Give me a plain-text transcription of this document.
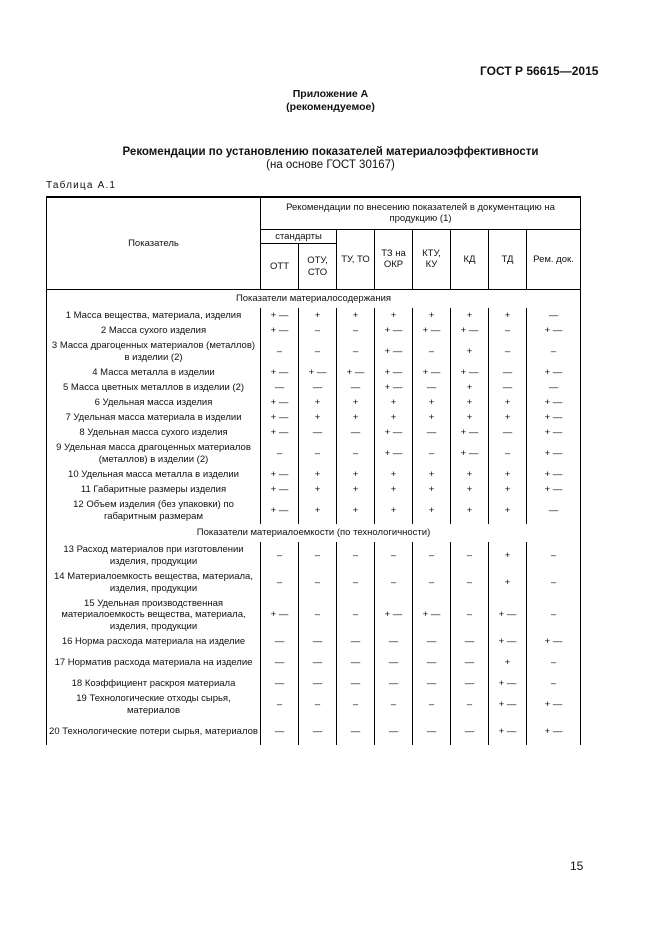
ГОСТ Р 56615—2015
Приложение А
(рекомендуемое)
Рекомендации по установлению показателей материалоэффективности
(на основе ГОСТ 30167)
Таблица А.1
Показатель	Рекомендации по внесению показателей в документацию на продукцию (1)							
	стандарты		ТУ, ТО	ТЗ на ОКР	КТУ, КУ	КД	ТД	Рем. док.
	ОТТ	ОТУ, СТО						
Показатели материалосодержания								
1 Масса вещества, материала, изделия	+ —	+	+	+	+	+	+	—
2 Масса сухого изделия	+ —	–	–	+ —	+ —	+ —	–	+ —
3 Масса драгоценных материалов (металлов) в изделии (2)	–	–	–	+ —	–	+	–	–
4 Масса металла в изделии	+ —	+ —	+ —	+ —	+ —	+ —	—	+ —
5 Масса цветных металлов в изделии (2)	—	—	—	+ —	—	+	—	—
6 Удельная масса изделия	+ —	+	+	+	+	+	+	+ —
7 Удельная масса материала в изделии	+ —	+	+	+	+	+	+	+ —
8 Удельная масса сухого изделия	+ —	—	—	+ —	—	+ —	—	+ —
9 Удельная масса драгоценных материалов (металлов) в изделии (2)	–	–	–	+ —	–	+ —	–	+ —
10 Удельная масса металла в изделии	+ —	+	+	+	+	+	+	+ —
11 Габаритные размеры изделия	+ —	+	+	+	+	+	+	+ —
12 Объем изделия (без упаковки) по габаритным размерам	+ —	+	+	+	+	+	+	—
Показатели материалоемкости (по технологичности)								
13 Расход материалов при изготовлении изделия, продукции	–	–	–	–	–	–	+	–
14 Материалоемкость вещества, материала, изделия, продукции	–	–	–	–	–	–	+	–
15 Удельная производственная материалоемкость вещества, материала, изделия, продукции	+ —	–	–	+ —	+ —	–	+ —	–
16 Норма расхода материала на изделие	—	—	—	—	—	—	+ —	+ —
17 Норматив расхода материала на изделие	—	—	—	—	—	—	+	–
18 Коэффициент раскроя материала	—	—	—	—	—	—	+ —	–
19 Технологические отходы сырья, материалов	–	–	–	–	–	–	+ —	+ —
20 Технологические потери сырья, материалов	—	—	—	—	—	—	+ —	+ —
15
